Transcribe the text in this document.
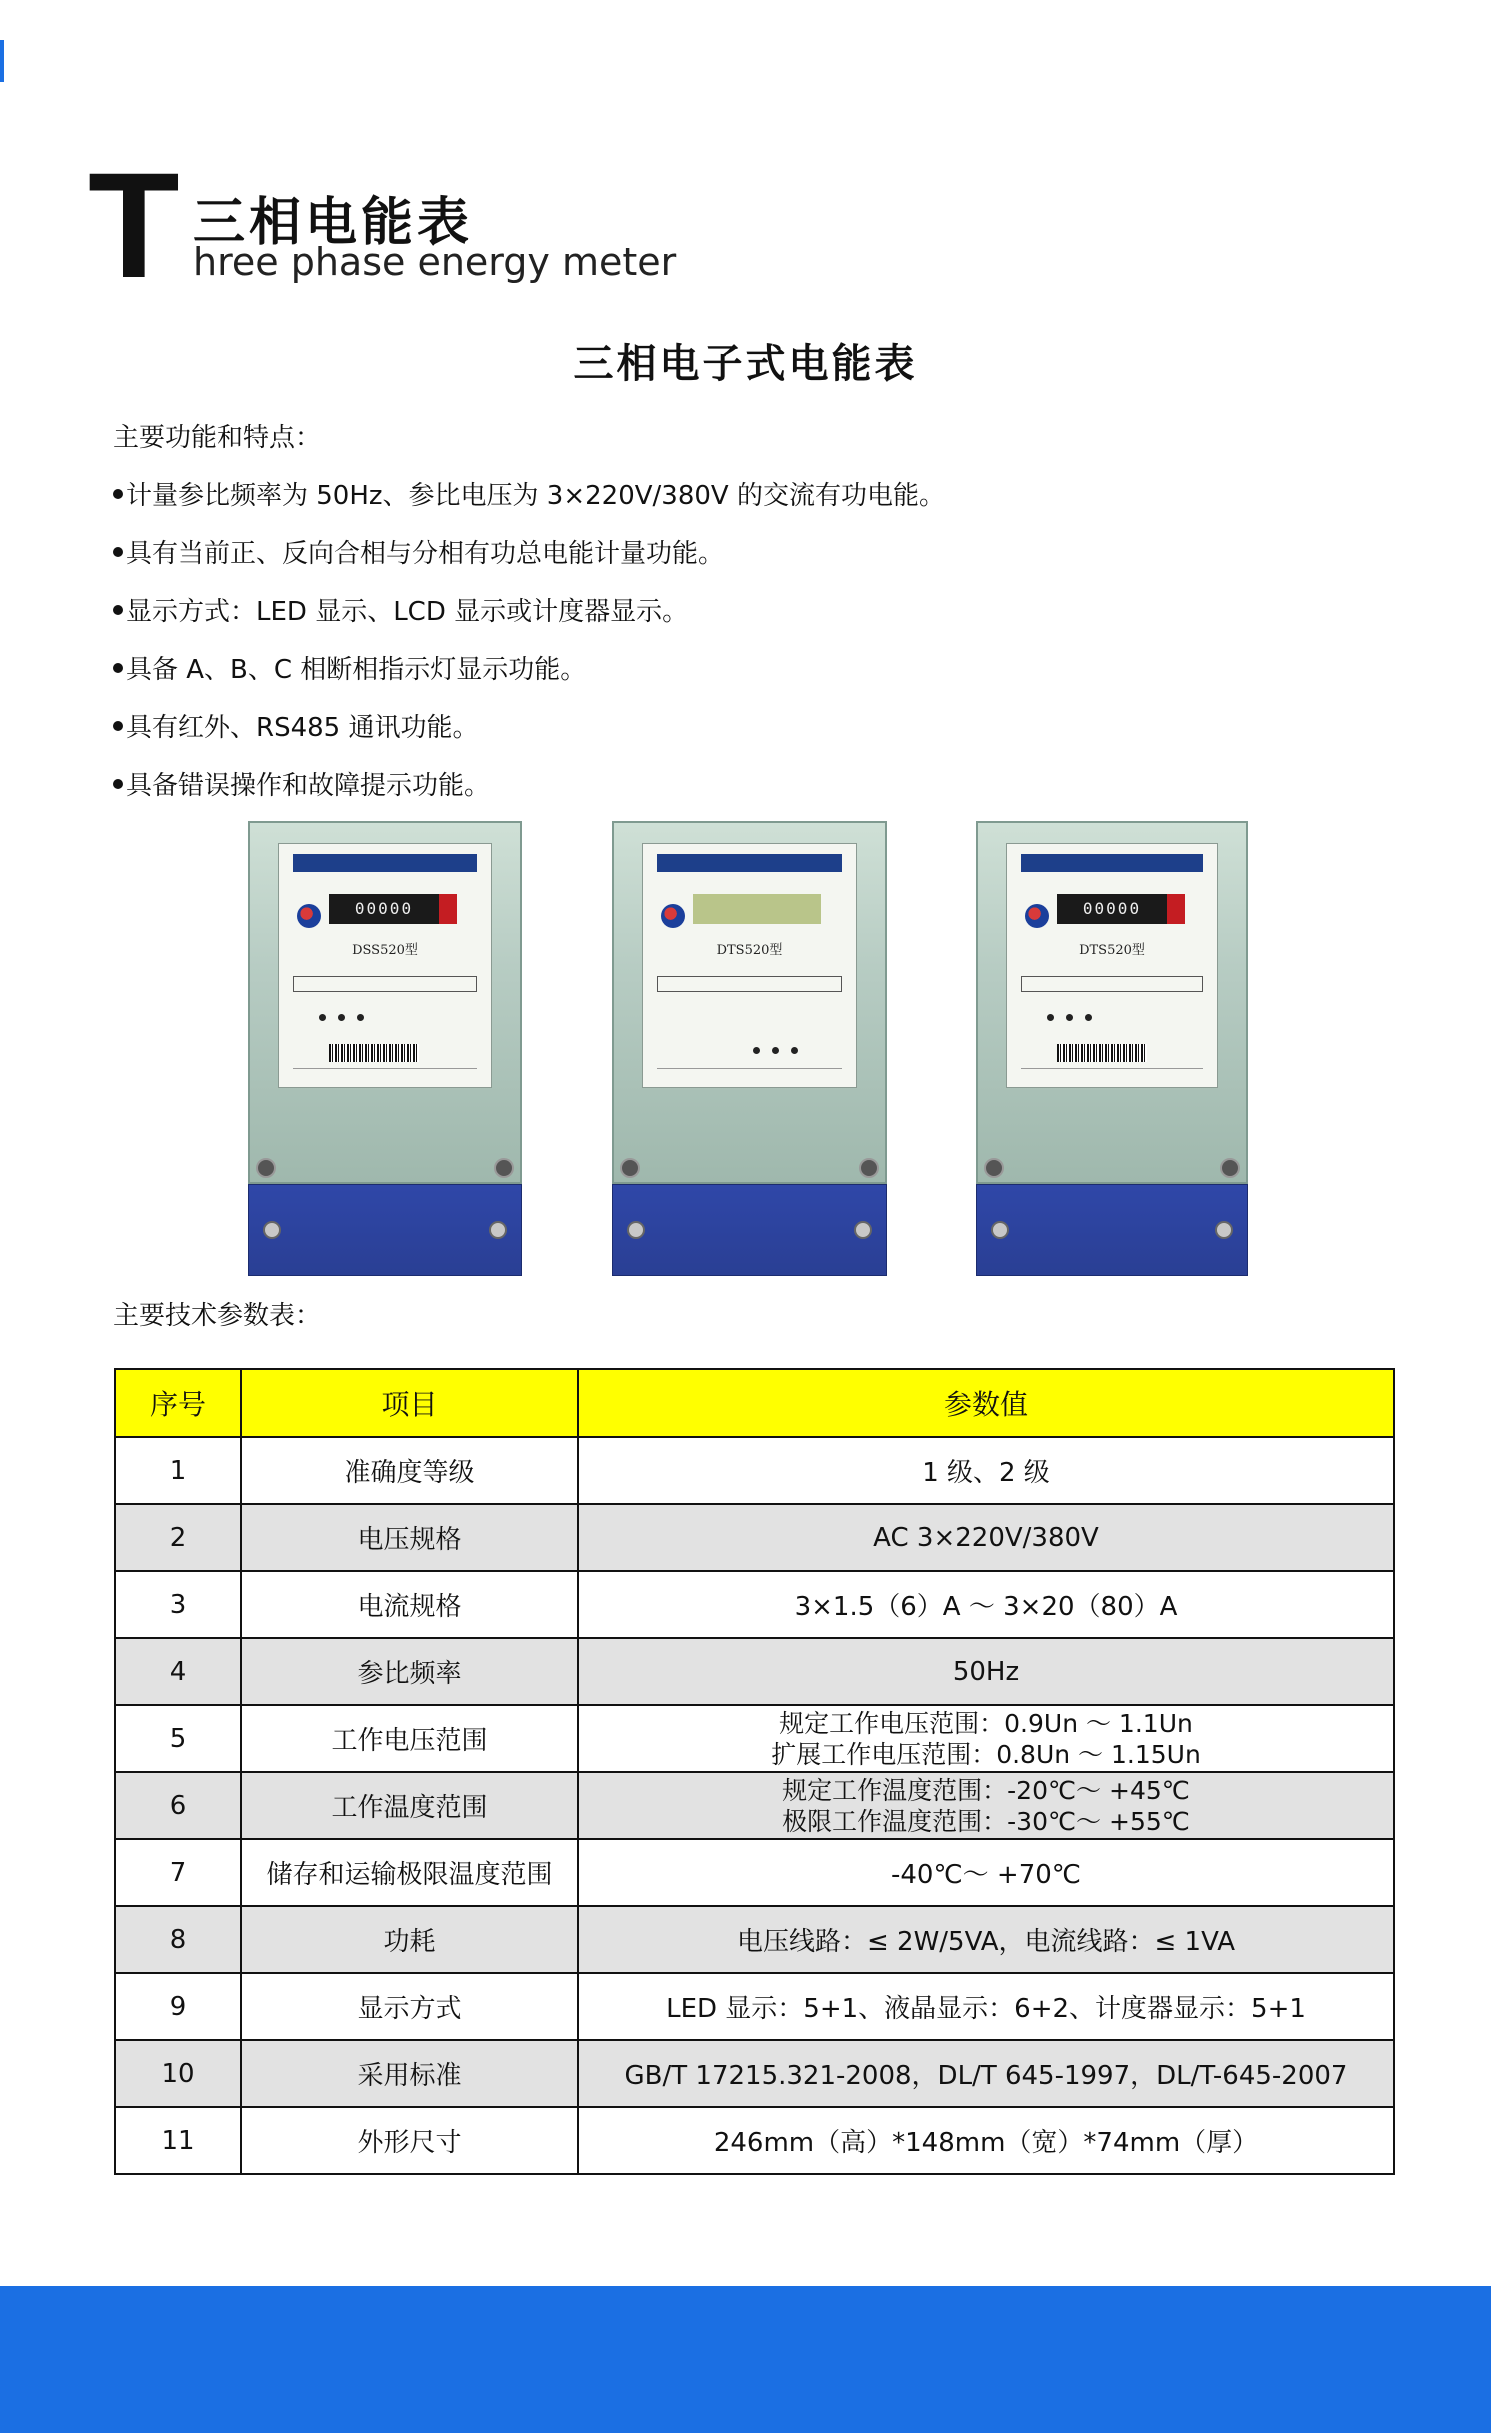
T 三相电能表
hree phase energy meter
三相电子式电能表
主要功能和特点：
计量参比频率为 50Hz、参比电压为 3×220V/380V 的交流有功电能。
具有当前正、反向合相与分相有功总电能计量功能。
显示方式：LED 显示、LCD 显示或计度器显示。
具备 A、B、C 相断相指示灯显示功能。
具有红外、RS485 通讯功能。
具备错误操作和故障提示功能。
00000
DSS520型	DTS520型
00000
DTS520型
主要技术参数表：
序号	项目	参数值
1	准确度等级	1 级、2 级
2	电压规格	AC 3×220V/380V
3	电流规格	3×1.5（6）A ～ 3×20（80）A
4	参比频率	50Hz
5	工作电压范围	规定工作电压范围：0.9Un ～ 1.1Un
扩展工作电压范围：0.8Un ～ 1.15Un

6	工作温度范围	规定工作温度范围：-20℃～ +45℃
极限工作温度范围：-30℃～ +55℃

7	储存和运输极限温度范围	-40℃～ +70℃
8	功耗	电压线路：≤ 2W/5VA，电流线路：≤ 1VA
9	显示方式	LED 显示：5+1、液晶显示：6+2、计度器显示：5+1
10	采用标准	GB/T 17215.321-2008，DL/T 645-1997，DL/T-645-2007
11	外形尺寸	246mm（高）*148mm（宽）*74mm（厚）
